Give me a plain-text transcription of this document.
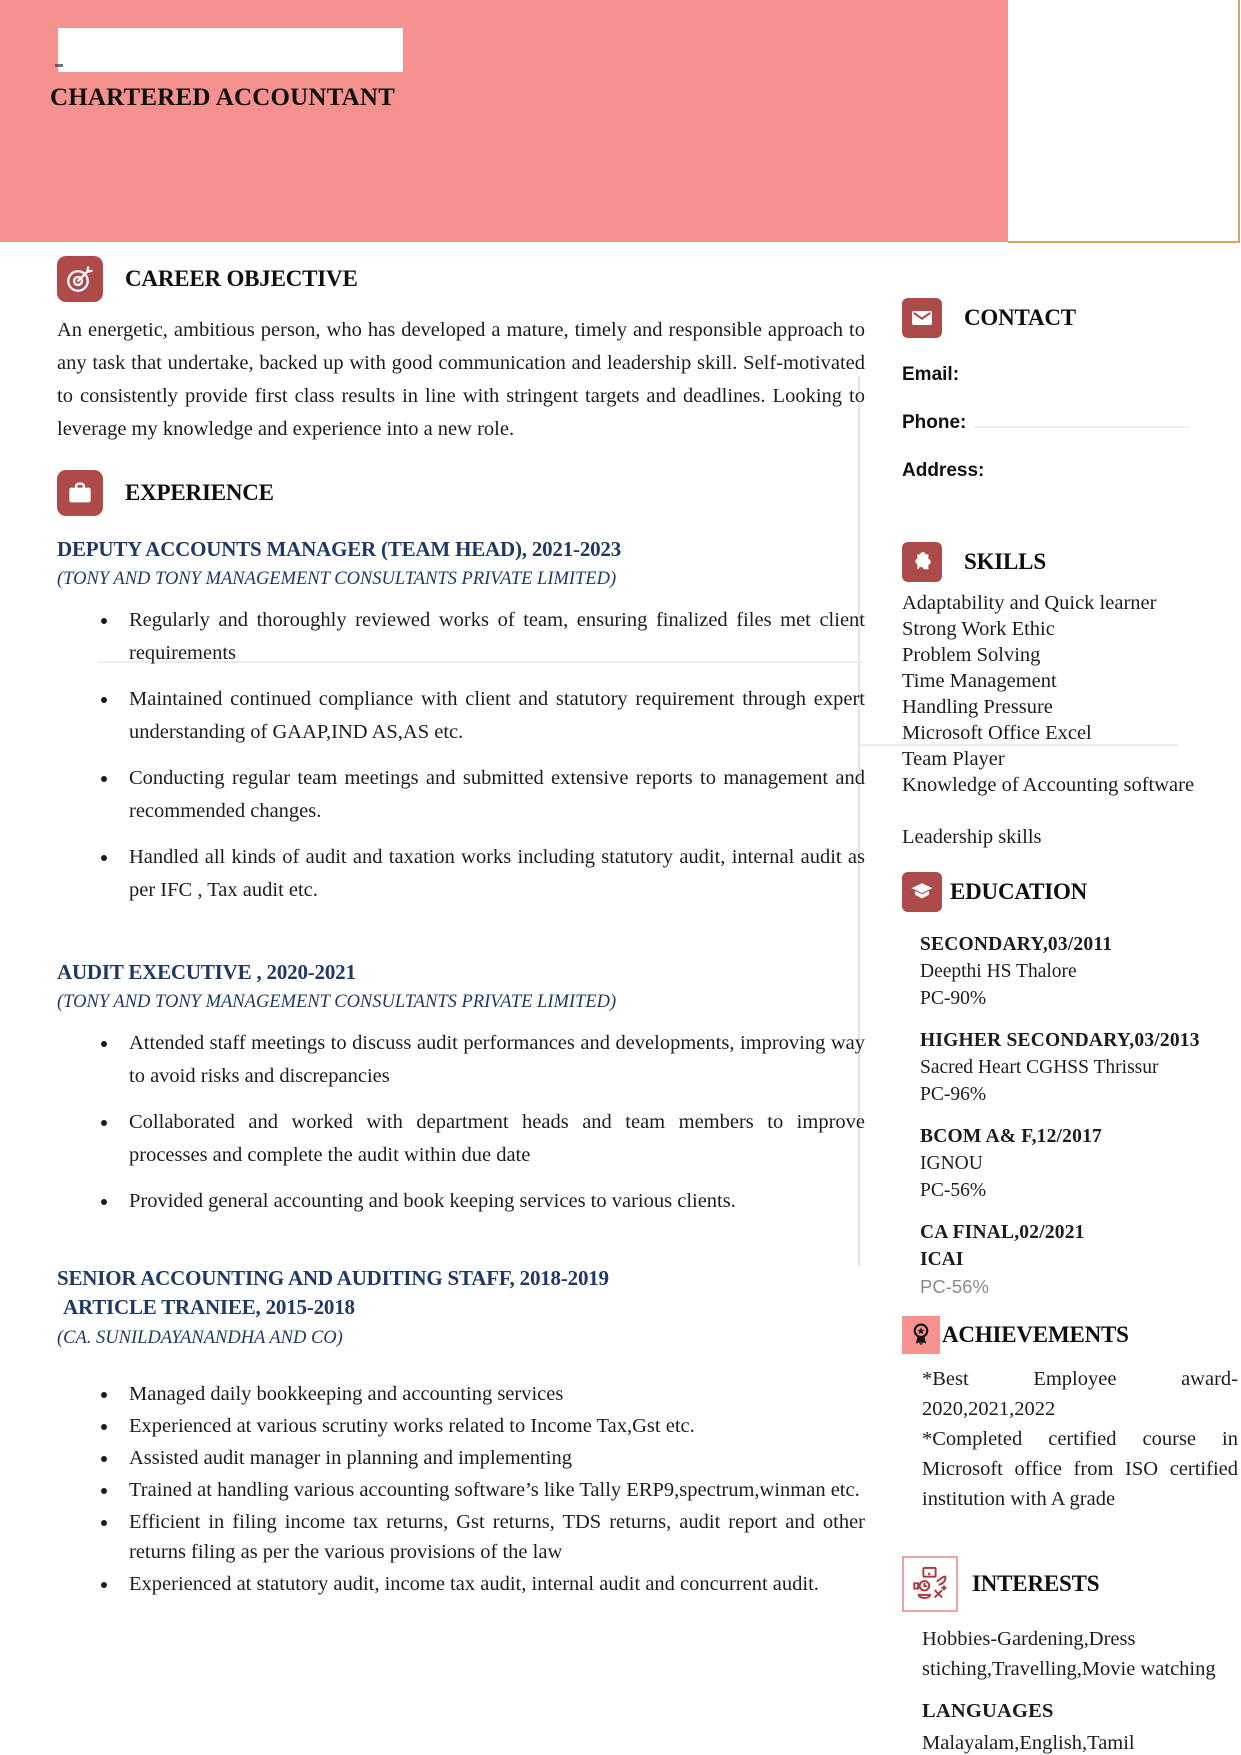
CHARTERED ACCOUNTANT
CAREER OBJECTIVE

An energetic, ambitious person, who has developed a mature, timely and responsible approach to any task that undertake, backed up with good communication and leadership skill. Self-motivated to consistently provide first class results in line with stringent targets and deadlines. Looking to leverage my knowledge and experience into a new role.

EXPERIENCE
DEPUTY ACCOUNTS MANAGER (TEAM HEAD), 2021-2023
(TONY AND TONY MANAGEMENT CONSULTANTS PRIVATE LIMITED)
• Regularly and thoroughly reviewed works of team, ensuring finalized files met client requirements
• Maintained continued compliance with client and statutory requirement through expert understanding of GAAP,IND AS,AS etc.
• Conducting regular team meetings and submitted extensive reports to management and recommended changes.
• Handled all kinds of audit and taxation works including statutory audit, internal audit as per IFC , Tax audit etc.
AUDIT EXECUTIVE , 2020-2021
(TONY AND TONY MANAGEMENT CONSULTANTS PRIVATE LIMITED)
• Attended staff meetings to discuss audit performances and developments, improving way to avoid risks and discrepancies
• Collaborated and worked with department heads and team members to improve processes and complete the audit within due date
• Provided general accounting and book keeping services to various clients.
SENIOR ACCOUNTING AND AUDITING STAFF, 2018-2019
ARTICLE TRANIEE, 2015-2018
(CA. SUNILDAYANANDHA AND CO)
• Managed daily bookkeeping and accounting services
• Experienced at various scrutiny works related to Income Tax,Gst etc.
• Assisted audit manager in planning and implementing
• Trained at handling various accounting software’s like Tally ERP9,spectrum,winman etc.
• Efficient in filing income tax returns, Gst returns, TDS returns, audit report and other returns filing as per the various provisions of the law
• Experienced at statutory audit, income tax audit, internal audit and concurrent audit.
CONTACT
Email:
Phone:
Address:
SKILLS
Adaptability and Quick learner
Strong Work Ethic
Problem Solving
Time Management
Handling Pressure
Microsoft Office Excel
Team Player
Knowledge of Accounting software
Leadership skills
EDUCATION
SECONDARY,03/2011
Deepthi HS Thalore
PC-90%
HIGHER SECONDARY,03/2013
Sacred Heart CGHSS Thrissur
PC-96%
BCOM A& F,12/2017
IGNOU
PC-56%
CA FINAL,02/2021
ICAI
PC-56%
ACHIEVEMENTS

*Best Employee award-2020,2021,2022

*Completed certified course in Microsoft office from ISO certified institution with A grade

INTERESTS

Hobbies-Gardening,Dress stiching,Travelling,Movie watching

LANGUAGES
Malayalam,English,Tamil
